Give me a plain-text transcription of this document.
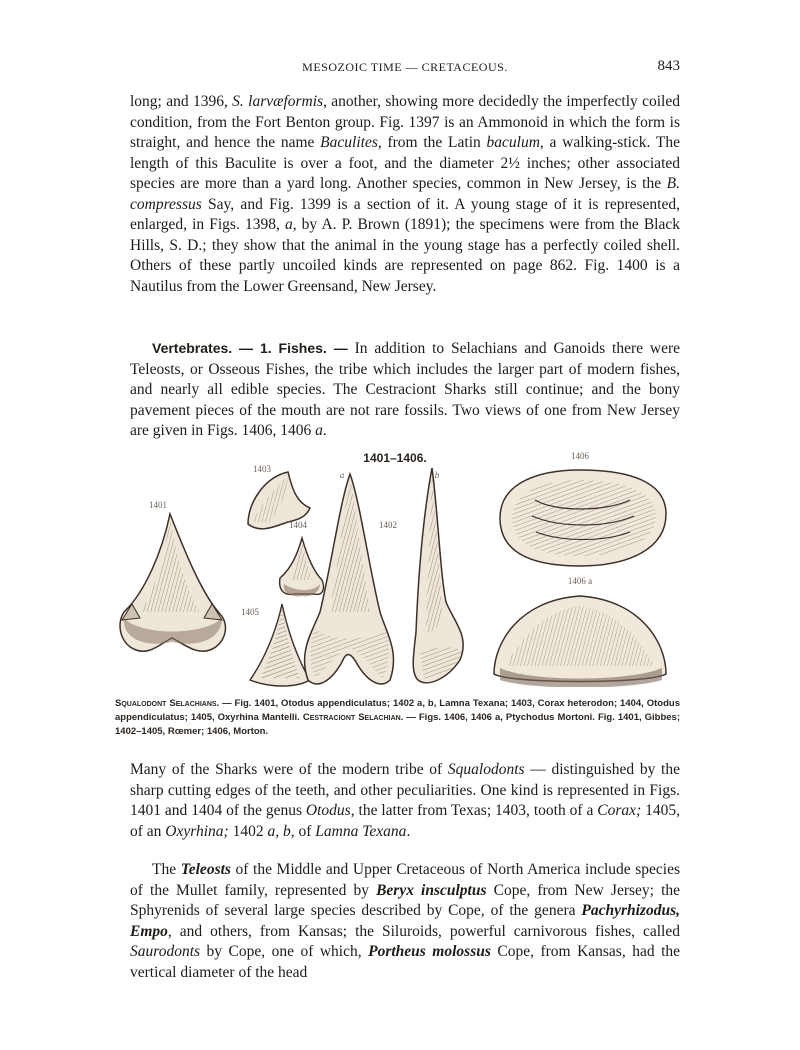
MESOZOIC TIME — CRETACEOUS.	843

long; and 1396, S. larvæformis, another, showing more decidedly the imperfectly coiled condition, from the Fort Benton group. Fig. 1397 is an Ammonoid in which the form is straight, and hence the name Baculites, from the Latin baculum, a walking-stick. The length of this Baculite is over a foot, and the diameter 2½ inches; other associated species are more than a yard long. Another species, common in New Jersey, is the B. compressus Say, and Fig. 1399 is a section of it. A young stage of it is represented, enlarged, in Figs. 1398, a, by A. P. Brown (1891); the specimens were from the Black Hills, S. D.; they show that the animal in the young stage has a perfectly coiled shell. Others of these partly uncoiled kinds are represented on page 862. Fig. 1400 is a Nautilus from the Lower Greensand, New Jersey.

Vertebrates. — 1. Fishes. — In addition to Selachians and Ganoids there were Teleosts, or Osseous Fishes, the tribe which includes the larger part of modern fishes, and nearly all edible species. The Cestraciont Sharks still continue; and the bony pavement pieces of the mouth are not rare fossils. Two views of one from New Jersey are given in Figs. 1406, 1406 a.

1401–1406.
1401
1403
1404
1405
a
1402
b
1406
1406 a

Squalodont Selachians. — Fig. 1401, Otodus appendiculatus; 1402 a, b, Lamna Texana; 1403, Corax heterodon; 1404, Otodus appendiculatus; 1405, Oxyrhina Mantelli. Cestraciont Selachian. — Figs. 1406, 1406 a, Ptychodus Mortoni. Fig. 1401, Gibbes; 1402–1405, Rœmer; 1406, Morton.

Many of the Sharks were of the modern tribe of Squalodonts — distinguished by the sharp cutting edges of the teeth, and other peculiarities. One kind is represented in Figs. 1401 and 1404 of the genus Otodus, the latter from Texas; 1403, tooth of a Corax; 1405, of an Oxyrhina; 1402 a, b, of Lamna Texana.

The Teleosts of the Middle and Upper Cretaceous of North America include species of the Mullet family, represented by Beryx insculptus Cope, from New Jersey; the Sphyrenids of several large species described by Cope, of the genera Pachyrhizodus, Empo, and others, from Kansas; the Siluroids, powerful carnivorous fishes, called Saurodonts by Cope, one of which, Portheus molossus Cope, from Kansas, had the vertical diameter of the head
